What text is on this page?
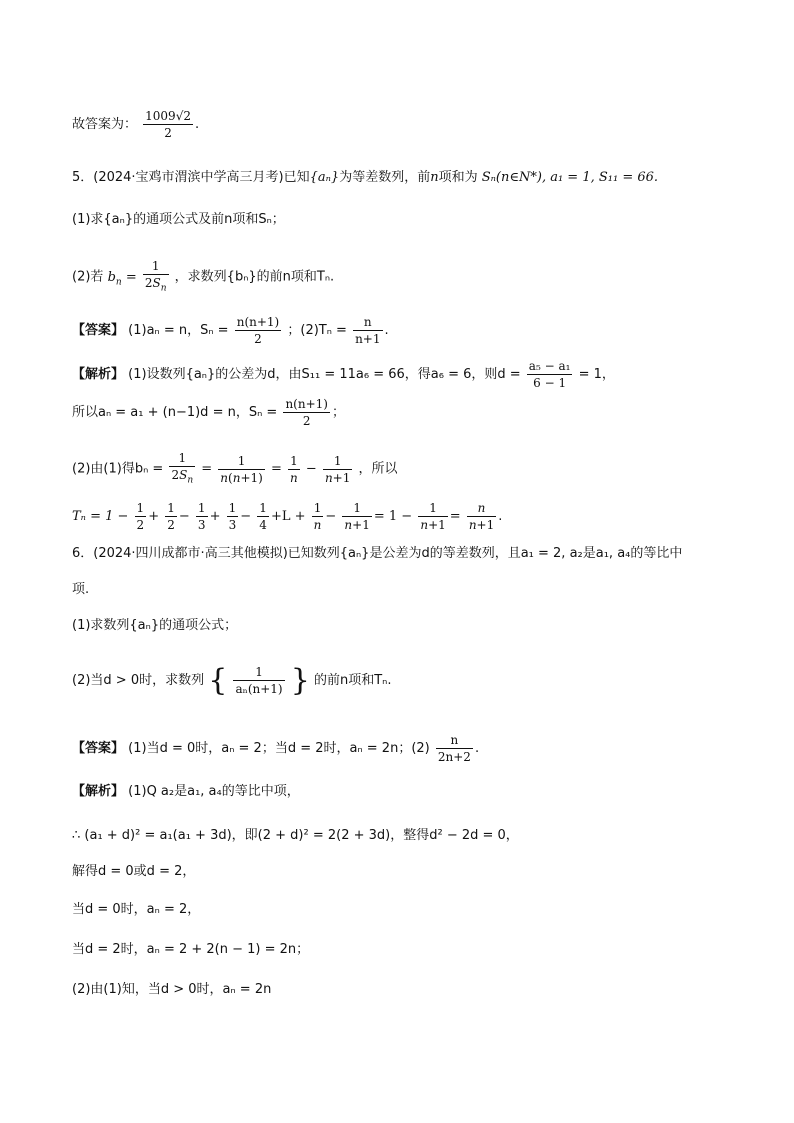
故答案为： $\frac{1009√2}{2}$ .
5．(2024·宝鸡市渭滨中学高三月考)已知{aₙ}为等差数列，前n项和为 Sₙ(n∈N*), a₁ = 1, S₁₁ = 66.
(1)求{aₙ}的通项公式及前n项和Sₙ；
(2)若 $b_n = \frac{1}{2S_n}$ ，求数列{bₙ}的前n项和Tₙ.
【答案】 (1)aₙ = n，$S_n = \frac{n(n+1)}{2}$ ；$(2)T_n = \frac{n}{n+1}$ .
【解析】 (1)设数列{aₙ}的公差为d，由S₁₁ = 11a₆ = 66，得a₆ = 6，则$d = \frac{\text{a₅ − a₁}}{6 - 1} = 1$，
所以aₙ = a₁ + (n−1)d = n，$S_n = \frac{n(n+1)}{2}$ ；
(2)由(1)得$b_n = \frac{1}{2S_n} = \frac{1}{n(n+1)} = \frac{1}{n} - \frac{1}{n+1}$ ，所以
$T_n = 1 - \frac{1}{2} + \frac{1}{2} - \frac{1}{3} + \frac{1}{3} - \frac{1}{4} +L + \frac{1}{n} - \frac{1}{n+1} = 1 - \frac{1}{n+1} = \frac{n}{n+1}$ .
6．(2024·四川成都市·高三其他模拟)已知数列{aₙ}是公差为d的等差数列，且a₁ = 2, a₂是a₁, a₄的等比中
项.
(1)求数列{aₙ}的通项公式；
(2)当d > 0时，求数列 { $\frac{1}{\text{aₙ(n+1)}}$ } 的前n项和Tₙ.
【答案】 (1)当d = 0时，aₙ = 2；当d = 2时，aₙ = 2n；$(2) \frac{n}{2n+2}$ .
【解析】 (1)Q a₂是a₁, a₄的等比中项，
∴ (a₁ + d)² = a₁(a₁ + 3d)，即(2 + d)² = 2(2 + 3d)，整得d² − 2d = 0，
解得d = 0或d = 2，
当d = 0时，aₙ = 2，
当d = 2时，aₙ = 2 + 2(n − 1) = 2n；
(2)由(1)知，当d > 0时，aₙ = 2n
